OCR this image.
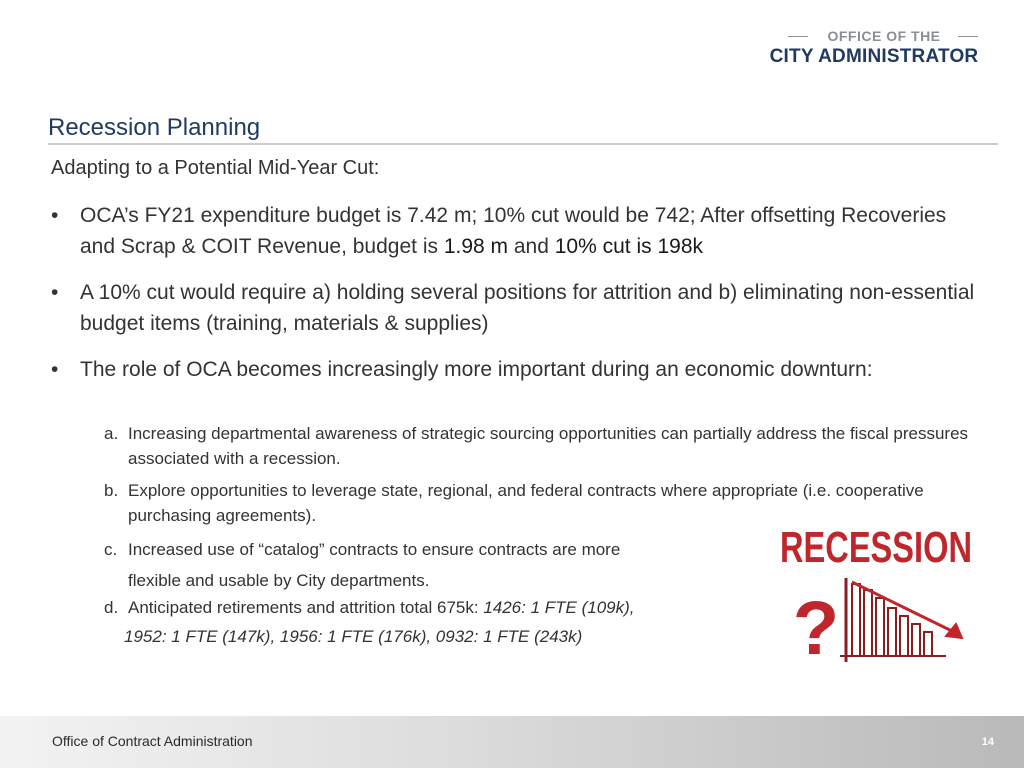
OFFICE OF THE
CITY ADMINISTRATOR
Recession Planning
Adapting to a Potential Mid-Year Cut:
• OCA’s FY21 expenditure budget is 7.42 m; 10% cut would be 742; After offsetting Recoveries and Scrap & COIT Revenue, budget is 1.98 m and 10% cut is 198k
• A 10% cut would require a) holding several positions for attrition and b) eliminating non-essential budget items (training, materials & supplies)
• The role of OCA becomes increasingly more important during an economic downturn:
a. Increasing departmental awareness of strategic sourcing opportunities can partially address the fiscal pressures associated with a recession.
b. Explore opportunities to leverage state, regional, and federal contracts where appropriate (i.e. cooperative purchasing agreements).
c. Increased use of “catalog” contracts to ensure contracts are more
flexible and usable by City departments.
d. Anticipated retirements and attrition total 675k: 1426: 1 FTE (109k),
1952: 1 FTE (147k), 1956: 1 FTE (176k), 0932: 1 FTE (243k)
RECESSION
?
Office of Contract Administration	14
